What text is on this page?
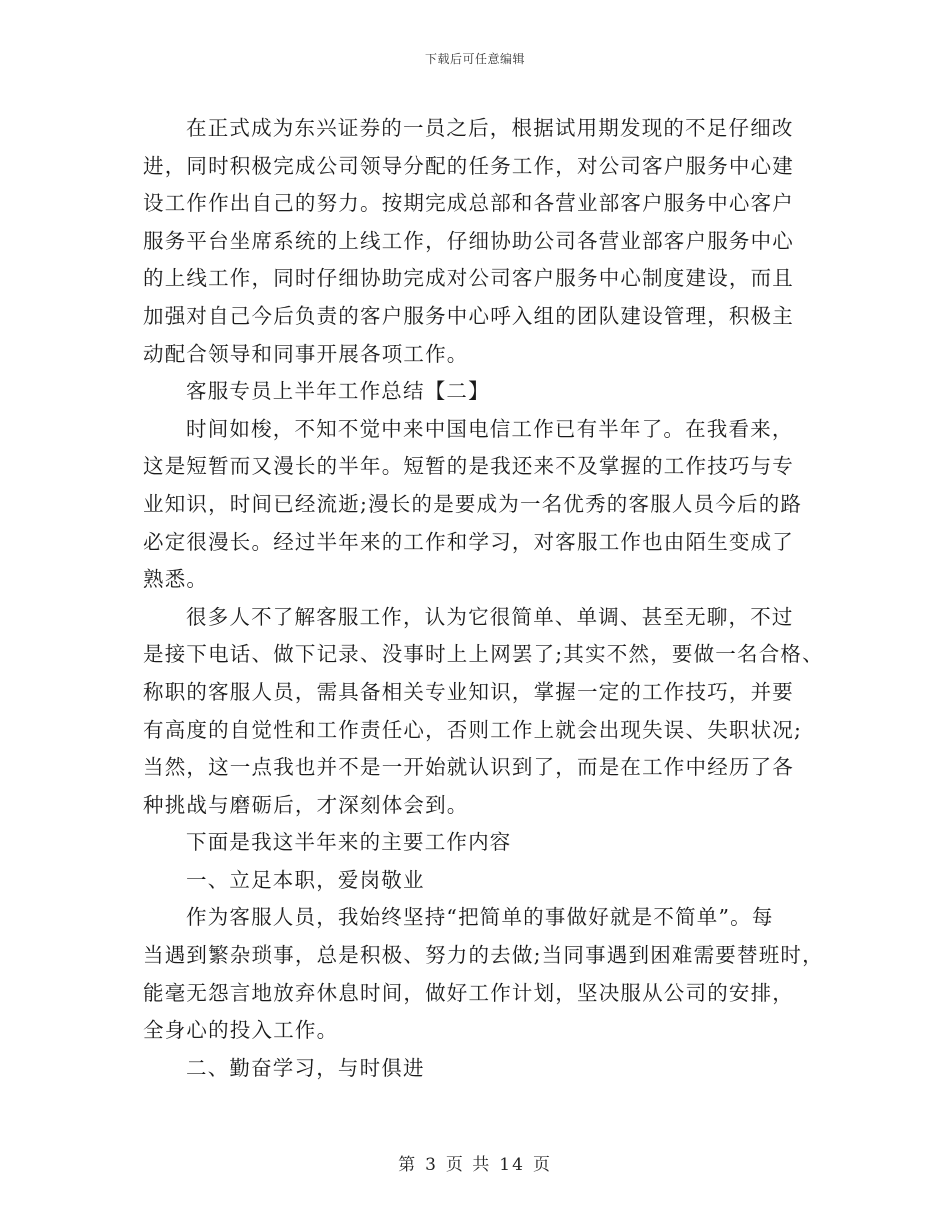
下载后可任意编辑
在正式成为东兴证券的一员之后，根据试用期发现的不足仔细改
进，同时积极完成公司领导分配的任务工作，对公司客户服务中心建
设工作作出自己的努力。按期完成总部和各营业部客户服务中心客户
服务平台坐席系统的上线工作，仔细协助公司各营业部客户服务中心
的上线工作，同时仔细协助完成对公司客户服务中心制度建设，而且
加强对自己今后负责的客户服务中心呼入组的团队建设管理，积极主
动配合领导和同事开展各项工作。
客服专员上半年工作总结【二】
时间如梭，不知不觉中来中国电信工作已有半年了。在我看来，
这是短暂而又漫长的半年。短暂的是我还来不及掌握的工作技巧与专
业知识，时间已经流逝;漫长的是要成为一名优秀的客服人员今后的路
必定很漫长。经过半年来的工作和学习，对客服工作也由陌生变成了
熟悉。
很多人不了解客服工作，认为它很简单、单调、甚至无聊，不过
是接下电话、做下记录、没事时上上网罢了;其实不然，要做一名合格、
称职的客服人员，需具备相关专业知识，掌握一定的工作技巧，并要
有高度的自觉性和工作责任心，否则工作上就会出现失误、失职状况;
当然，这一点我也并不是一开始就认识到了，而是在工作中经历了各
种挑战与磨砺后，才深刻体会到。
下面是我这半年来的主要工作内容
一、立足本职，爱岗敬业
作为客服人员，我始终坚持“把简单的事做好就是不简单”。每
当遇到繁杂琐事，总是积极、努力的去做;当同事遇到困难需要替班时，
能毫无怨言地放弃休息时间，做好工作计划，坚决服从公司的安排，
全身心的投入工作。
二、勤奋学习，与时俱进
第 3 页 共 14 页
